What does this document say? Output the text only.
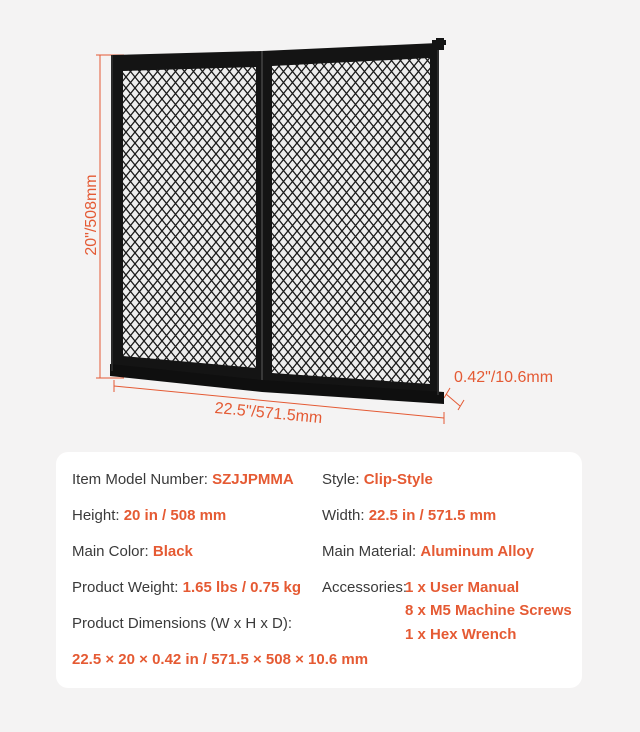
20"/508mm
22.5"/571.5mm
0.42"/10.6mm
Item Model Number: SZJJPMMA Style: Clip-Style
Height: 20 in / 508 mm	Width: 22.5 in / 571.5 mm
Main Color: Black	Main Material: Aluminum Alloy
Product Weight: 1.65 lbs / 0.75 kg Accessories:
1 x User Manual
8 x M5 Machine Screws
1 x Hex Wrench
Product Dimensions (W x H x D):
22.5 × 20 × 0.42 in / 571.5 × 508 × 10.6 mm
